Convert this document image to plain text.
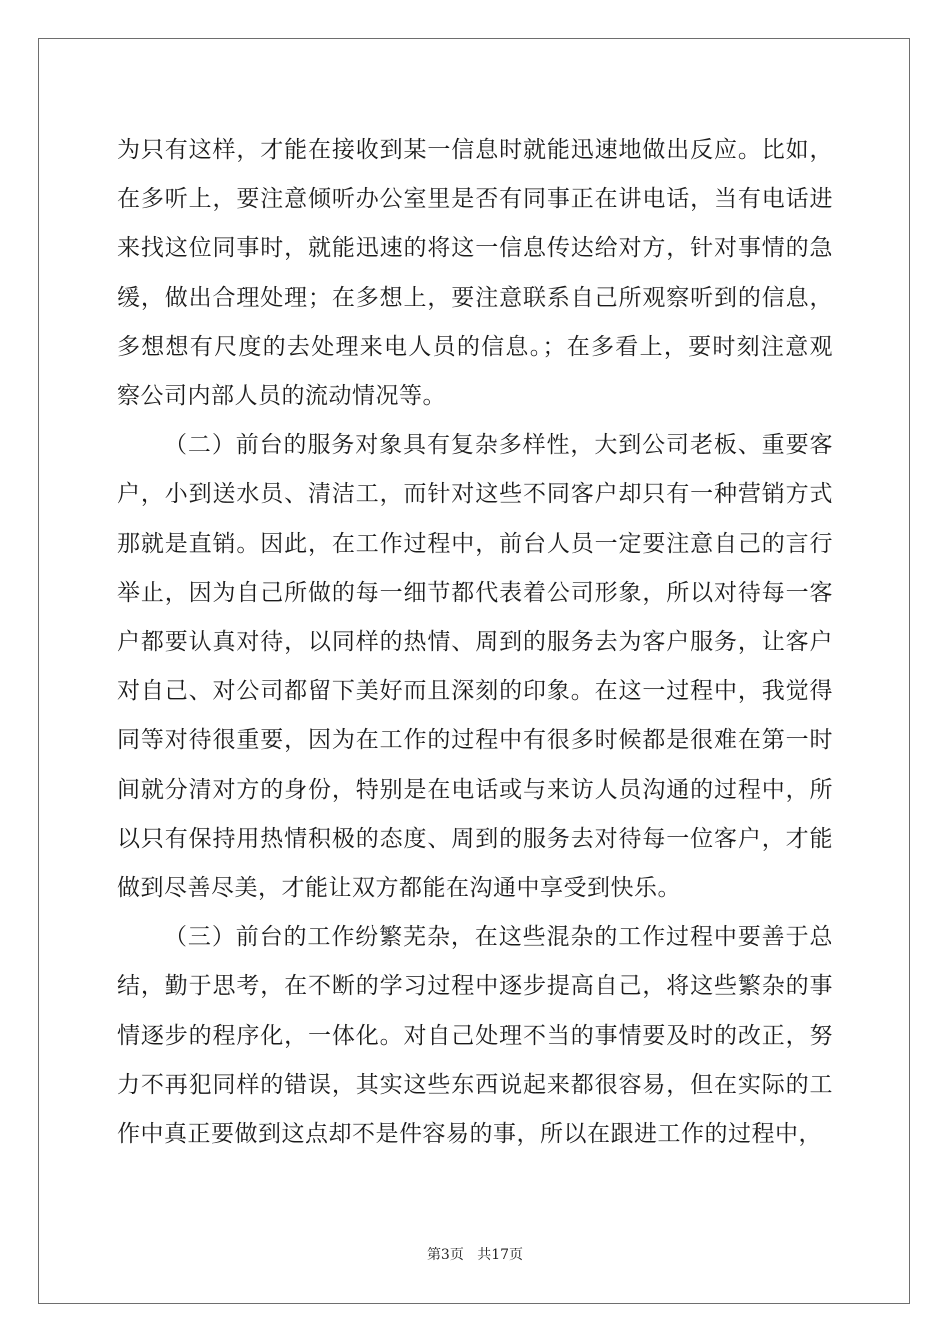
为只有这样，才能在接收到某一信息时就能迅速地做出反应。比如，在多听上，要注意倾听办公室里是否有同事正在讲电话，当有电话进来找这位同事时，就能迅速的将这一信息传达给对方，针对事情的急缓，做出合理处理；在多想上，要注意联系自己所观察听到的信息，多想想有尺度的去处理来电人员的信息。；在多看上，要时刻注意观察公司内部人员的流动情况等。

（二）前台的服务对象具有复杂多样性，大到公司老板、重要客户，小到送水员、清洁工，而针对这些不同客户却只有一种营销方式那就是直销。因此，在工作过程中，前台人员一定要注意自己的言行举止，因为自己所做的每一细节都代表着公司形象，所以对待每一客户都要认真对待，以同样的热情、周到的服务去为客户服务，让客户对自己、对公司都留下美好而且深刻的印象。在这一过程中，我觉得同等对待很重要，因为在工作的过程中有很多时候都是很难在第一时间就分清对方的身份，特别是在电话或与来访人员沟通的过程中，所以只有保持用热情积极的态度、周到的服务去对待每一位客户，才能做到尽善尽美，才能让双方都能在沟通中享受到快乐。

（三）前台的工作纷繁芜杂，在这些混杂的工作过程中要善于总结，勤于思考，在不断的学习过程中逐步提高自己，将这些繁杂的事情逐步的程序化，一体化。对自己处理不当的事情要及时的改正，努力不再犯同样的错误，其实这些东西说起来都很容易，但在实际的工作中真正要做到这点却不是件容易的事，所以在跟进工作的过程中，

第3页 共17页
